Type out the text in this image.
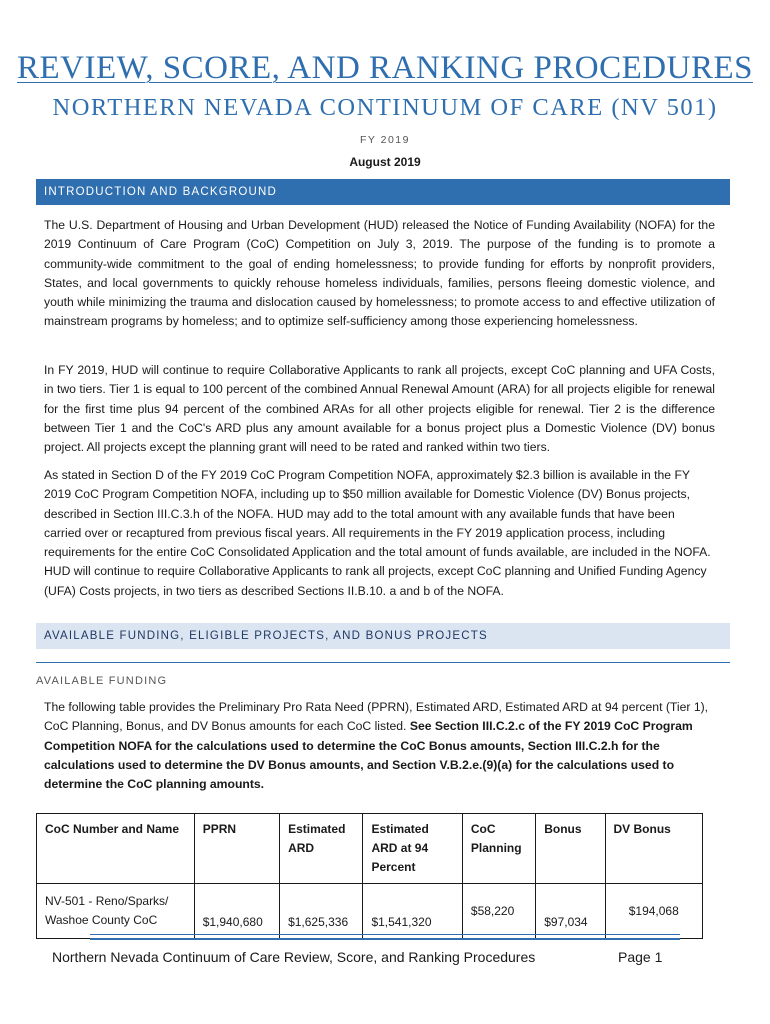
REVIEW, SCORE, AND RANKING PROCEDURES
NORTHERN NEVADA CONTINUUM OF CARE (NV 501)
FY 2019
August 2019
INTRODUCTION AND BACKGROUND

The U.S. Department of Housing and Urban Development (HUD) released the Notice of Funding Availability (NOFA) for the 2019 Continuum of Care Program (CoC) Competition on July 3, 2019. The purpose of the funding is to promote a community-wide commitment to the goal of ending homelessness; to provide funding for efforts by nonprofit providers, States, and local governments to quickly rehouse homeless individuals, families, persons fleeing domestic violence, and youth while minimizing the trauma and dislocation caused by homelessness; to promote access to and effective utilization of mainstream programs by homeless; and to optimize self-sufficiency among those experiencing homelessness.

In FY 2019, HUD will continue to require Collaborative Applicants to rank all projects, except CoC planning and UFA Costs, in two tiers. Tier 1 is equal to 100 percent of the combined Annual Renewal Amount (ARA) for all projects eligible for renewal for the first time plus 94 percent of the combined ARAs for all other projects eligible for renewal. Tier 2 is the difference between Tier 1 and the CoC's ARD plus any amount available for a bonus project plus a Domestic Violence (DV) bonus project. All projects except the planning grant will need to be rated and ranked within two tiers.

As stated in Section D of the FY 2019 CoC Program Competition NOFA, approximately $2.3 billion is available in the FY 2019 CoC Program Competition NOFA, including up to $50 million available for Domestic Violence (DV) Bonus projects, described in Section III.C.3.h of the NOFA. HUD may add to the total amount with any available funds that have been carried over or recaptured from previous fiscal years. All requirements in the FY 2019 application process, including requirements for the entire CoC Consolidated Application and the total amount of funds available, are included in the NOFA. HUD will continue to require Collaborative Applicants to rank all projects, except CoC planning and Unified Funding Agency (UFA) Costs projects, in two tiers as described Sections II.B.10. a and b of the NOFA.

AVAILABLE FUNDING, ELIGIBLE PROJECTS, AND BONUS PROJECTS
AVAILABLE FUNDING

The following table provides the Preliminary Pro Rata Need (PPRN), Estimated ARD, Estimated ARD at 94 percent (Tier 1), CoC Planning, Bonus, and DV Bonus amounts for each CoC listed. See Section III.C.2.c of the FY 2019 CoC Program Competition NOFA for the calculations used to determine the CoC Bonus amounts, Section III.C.2.h for the calculations used to determine the DV Bonus amounts, and Section V.B.2.e.(9)(a) for the calculations used to determine the CoC planning amounts.

CoC Number and Name	PPRN	Estimated ARD	Estimated ARD at 94 Percent	CoC Planning	Bonus	DV Bonus
NV-501 - Reno/Sparks/ Washoe County CoC	$1,940,680	$1,625,336	$1,541,320	$58,220	$97,034	$194,068
Northern Nevada Continuum of Care Review, Score, and Ranking Procedures	Page 1
